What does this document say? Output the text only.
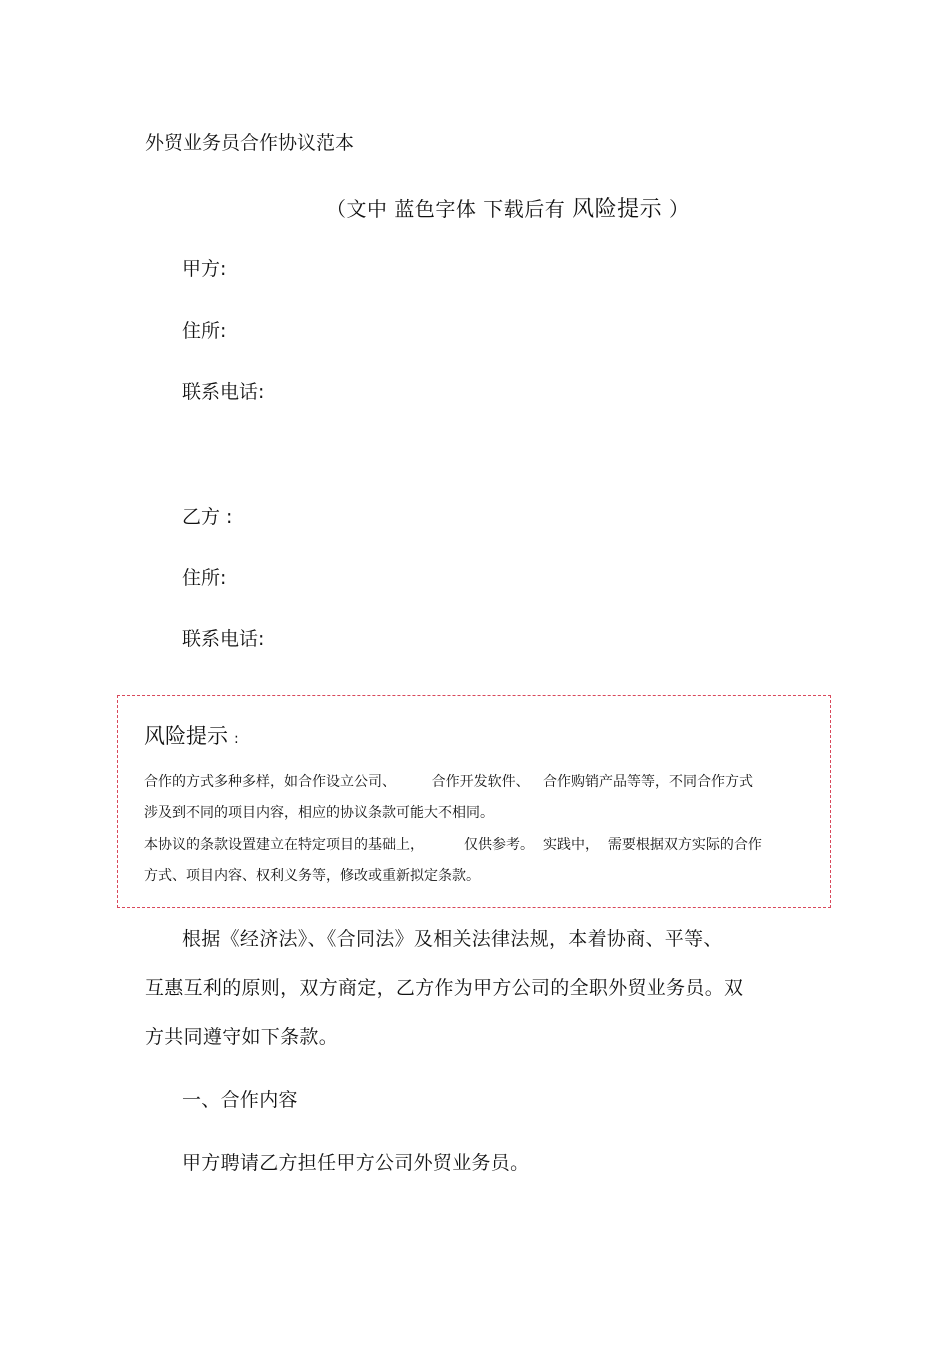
外贸业务员合作协议范本
（文中 蓝色字体 下载后有 风险提示 ）
甲方:
住所:
联系电话:
乙方 :
住所:
联系电话:
风险提示 :
合作的方式多种多样，如合作设立公司、        合作开发软件、   合作购销产品等等，不同合作方式
涉及到不同的项目内容，相应的协议条款可能大不相同。
本协议的条款设置建立在特定项目的基础上，         仅供参考。  实践中，  需要根据双方实际的合作
方式、项目内容、权利义务等，修改或重新拟定条款。
根据《经济法》、《合同法》及相关法律法规，本着协商、平等、
互惠互利的原则，双方商定，乙方作为甲方公司的全职外贸业务员。双
方共同遵守如下条款。
一、合作内容
甲方聘请乙方担任甲方公司外贸业务员。
